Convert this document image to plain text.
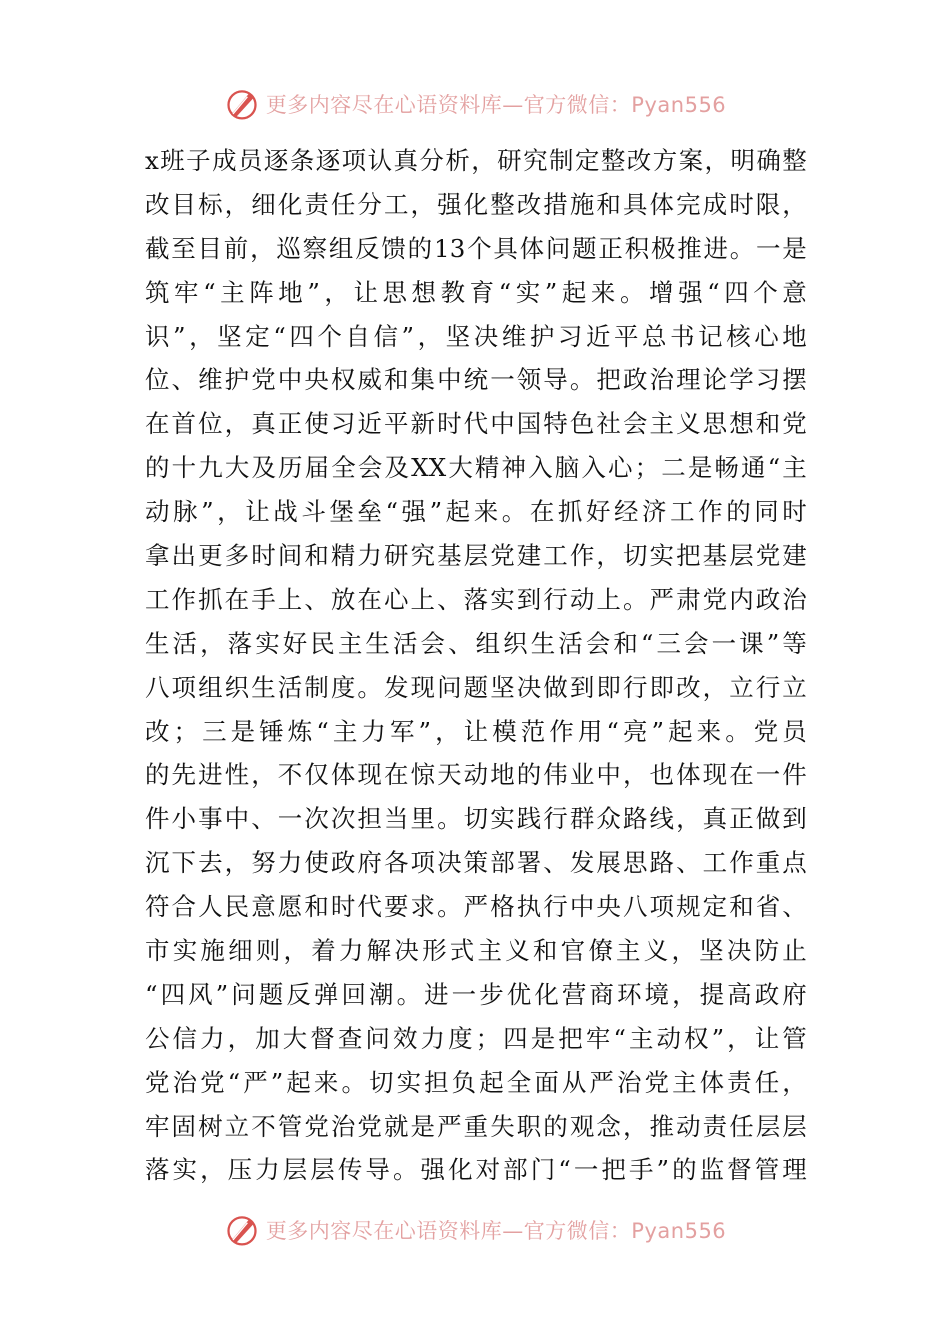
更多内容尽在心语资料库—官方微信：Pyan556
x班子成员逐条逐项认真分析，研究制定整改方案，明确整
改目标，细化责任分工，强化整改措施和具体完成时限，
截至目前，巡察组反馈的13个具体问题正积极推进。一是
筑牢“主阵地”，让思想教育“实”起来。增强“四个意
识”，坚定“四个自信”，坚决维护习近平总书记核心地
位、维护党中央权威和集中统一领导。把政治理论学习摆
在首位，真正使习近平新时代中国特色社会主义思想和党
的十九大及历届全会及XX大精神入脑入心；二是畅通“主
动脉”，让战斗堡垒“强”起来。在抓好经济工作的同时
拿出更多时间和精力研究基层党建工作，切实把基层党建
工作抓在手上、放在心上、落实到行动上。严肃党内政治
生活，落实好民主生活会、组织生活会和“三会一课”等
八项组织生活制度。发现问题坚决做到即行即改，立行立
改；三是锤炼“主力军”，让模范作用“亮”起来。党员
的先进性，不仅体现在惊天动地的伟业中，也体现在一件
件小事中、一次次担当里。切实践行群众路线，真正做到
沉下去，努力使政府各项决策部署、发展思路、工作重点
符合人民意愿和时代要求。严格执行中央八项规定和省、
市实施细则，着力解决形式主义和官僚主义，坚决防止
“四风”问题反弹回潮。进一步优化营商环境，提高政府
公信力，加大督查问效力度；四是把牢“主动权”，让管
党治党“严”起来。切实担负起全面从严治党主体责任，
牢固树立不管党治党就是严重失职的观念，推动责任层层
落实，压力层层传导。强化对部门“一把手”的监督管理
更多内容尽在心语资料库—官方微信：Pyan556
